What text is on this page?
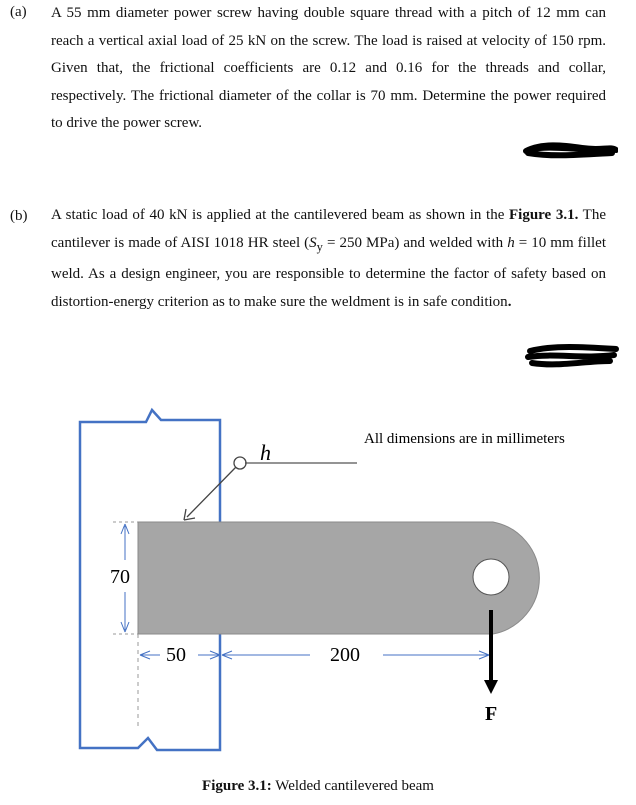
(a) A 55 mm diameter power screw having double square thread with a pitch of 12 mm can reach a vertical axial load of 25 kN on the screw. The load is raised at velocity of 150 rpm. Given that, the frictional coefficients are 0.12 and 0.16 for the threads and collar, respectively. The frictional diameter of the collar is 70 mm. Determine the power required to drive the power screw.
(b) A static load of 40 kN is applied at the cantilevered beam as shown in the Figure 3.1. The cantilever is made of AISI 1018 HR steel ($S_y = 250$ MPa) and welded with h = 10 mm fillet weld. As a design engineer, you are responsible to determine the factor of safety based on distortion-energy criterion as to make sure the weldment is in safe condition.
h
All dimensions are in millimeters
70
50	200
F
Figure 3.1: Welded cantilevered beam
